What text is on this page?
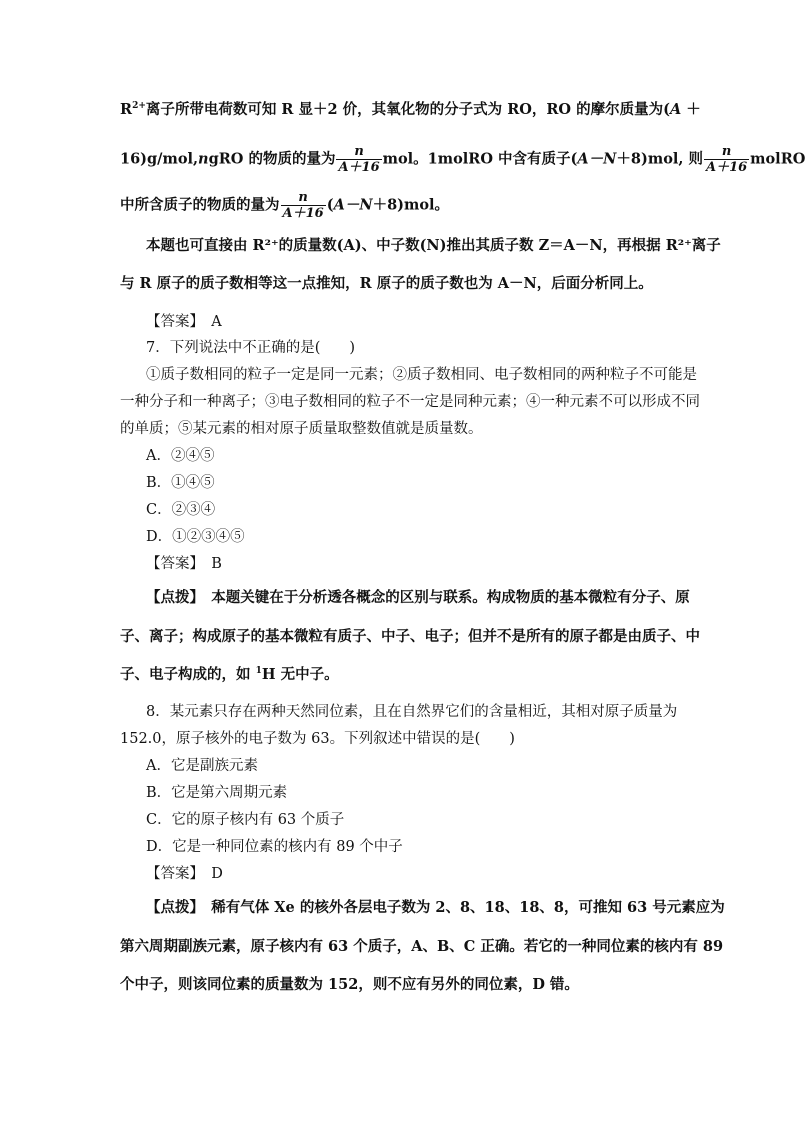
$R^{2+}$离子所带电荷数可知 R 显＋2 价，其氧化物的分子式为 RO，RO 的摩尔质量为(A ＋
16)g/mol,ngRO 的物质的量为 $\frac{n}{A+16}$ mol。1molRO 中含有质子(A－N＋8)mol, 则 $\frac{n}{A+16}$ molRO
中所含质子的物质的量为 $\frac{n}{A+16} (A-N+8)mol$。
本题也可直接由 R²⁺的质量数(A)、中子数(N)推出其质子数 Z＝A－N，再根据 R²⁺离子
与 R 原子的质子数相等这一点推知，R 原子的质子数也为 A－N，后面分析同上。
【答案】　A
7．下列说法中不正确的是(　　)
①质子数相同的粒子一定是同一元素；②质子数相同、电子数相同的两种粒子不可能是
一种分子和一种离子；③电子数相同的粒子不一定是同种元素；④一种元素不可以形成不同
的单质；⑤某元素的相对原子质量取整数值就是质量数。
A．②④⑤
B．①④⑤
C．②③④
D．①②③④⑤
【答案】　B
【点拨】　本题关键在于分析透各概念的区别与联系。构成物质的基本微粒有分子、原
子、离子；构成原子的基本微粒有质子、中子、电子；但并不是所有的原子都是由质子、中
子、电子构成的，如 $^1$H 无中子。
8．某元素只存在两种天然同位素，且在自然界它们的含量相近，其相对原子质量为
152.0，原子核外的电子数为 63。下列叙述中错误的是(　　)
A．它是副族元素
B．它是第六周期元素
C．它的原子核内有 63 个质子
D．它是一种同位素的核内有 89 个中子
【答案】　D
【点拨】　稀有气体 Xe 的核外各层电子数为 2、8、18、18、8，可推知 63 号元素应为
第六周期副族元素，原子核内有 63 个质子，A、B、C 正确。若它的一种同位素的核内有 89
个中子，则该同位素的质量数为 152，则不应有另外的同位素，D 错。
